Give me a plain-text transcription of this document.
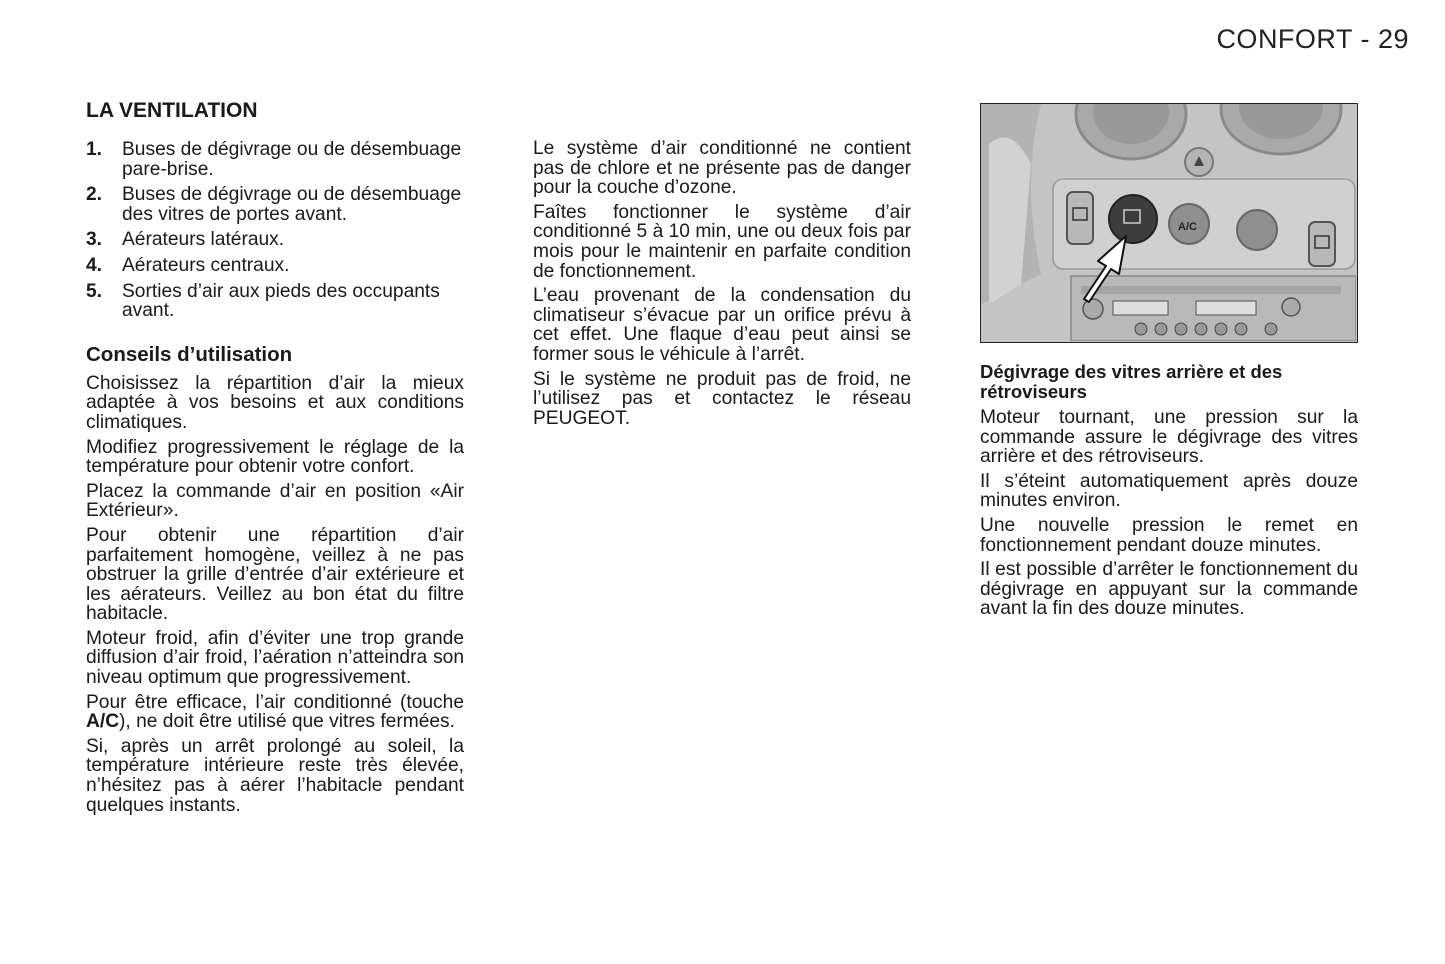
CONFORT - 29
LA VENTILATION
1.	Buses de dégivrage ou de désembuage pare-brise.
2.	Buses de dégivrage ou de désembuage des vitres de portes avant.
3.	Aérateurs latéraux.
4.	Aérateurs centraux.
5.	Sorties d’air aux pieds des occupants avant.
Conseils d’utilisation

Choisissez la répartition d’air la mieux adaptée à vos besoins et aux conditions climatiques.

Modifiez progressivement le réglage de la température pour obtenir votre confort.

Placez la commande d’air en position «Air Extérieur».

Pour obtenir une répartition d’air parfaitement homogène, veillez à ne pas obstruer la grille d’entrée d’air extérieure et les aérateurs. Veillez au bon état du filtre habitacle.

Moteur froid, afin d’éviter une trop grande diffusion d’air froid, l’aération n’atteindra son niveau optimum que progressivement.

Pour être efficace, l’air conditionné (touche A/C), ne doit être utilisé que vitres fermées.

Si, après un arrêt prolongé au soleil, la température intérieure reste très élevée, n’hésitez pas à aérer l’habitacle pendant quelques instants.

Le système d’air conditionné ne contient pas de chlore et ne présente pas de danger pour la couche d’ozone.

Faîtes fonctionner le système d’air conditionné 5 à 10 min, une ou deux fois par mois pour le maintenir en parfaite condition de fonctionnement.

L’eau provenant de la condensation du climatiseur s’évacue par un orifice prévu à cet effet. Une flaque d’eau peut ainsi se former sous le véhicule à l’arrêt.

Si le système ne produit pas de froid, ne l’utilisez pas et contactez le réseau PEUGEOT.

A/C
Dégivrage des vitres arrière et des rétroviseurs

Moteur tournant, une pression sur la commande assure le dégivrage des vitres arrière et des rétroviseurs.

Il s’éteint automatiquement après douze minutes environ.

Une nouvelle pression le remet en fonctionnement pendant douze minutes.

Il est possible d’arrêter le fonctionnement du dégivrage en appuyant sur la commande avant la fin des douze minutes.
